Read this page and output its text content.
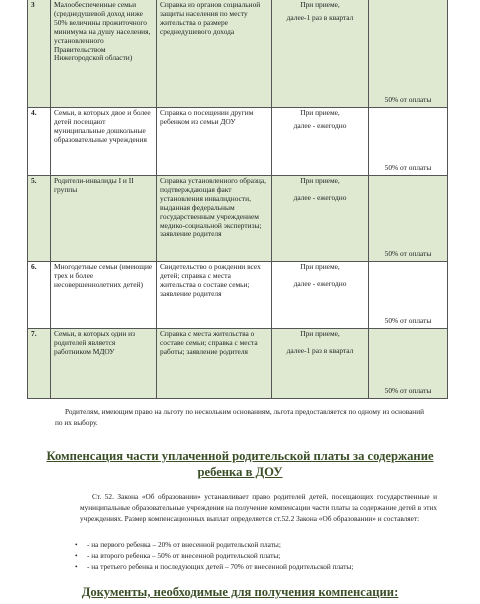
3	Малообеспеченные семьи (среднедушевой доход ниже 50% величины прожиточного минимума на душу населения, установленного Правительством Нижегородской области)	Справка из органов социальной защиты населения по месту жительства о размере среднедушевого дохода	При приеме,
далее-1 раз в квартал	50% от оплаты
4.	Семьи, в которых двое и более детей посещают муниципальные дошкольные образовательные учреждения	Справка о посещении другим ребенком из семьи ДОУ	При приеме,
далее - ежегодно	50% от оплаты
5.	Родители-инвалиды I и II группы	Справка установленного образца, подтверждающая факт установления инвалидности, выданная федеральным государственным учреждением медико-социальной экспертизы; заявление родителя	При приеме,
далее - ежегодно	50% от оплаты
6.	Многодетные семьи (имеющие трех и более несовершеннолетних детей)	Свидетельство о рождении всех детей; справка с места жительства о составе семьи; заявление родителя	При приеме,
далее - ежегодно	50% от оплаты
7.	Семьи, в которых один из родителей является работником МДОУ	Справка с места жительства о составе семьи; справка с места работы; заявление родителя	При приеме,
далее-1 раз в квартал	50% от оплаты

Родителям, имеющим право на льготу по нескольким основаниям, льгота предоставляется по одному из оснований по их выбору.

Компенсация части уплаченной родительской платы за содержание ребенка в ДОУ

Ст. 52. Закона «Об образовании» устанавливает право родителей детей, посещающих государственные и муниципальные образовательные учреждения на получение компенсации части платы за содержание детей в этих учреждениях. Размер компенсационных выплат определяется ст.52.2 Закона «Об образовании» и составляет:

• - на первого ребенка – 20% от внесенной родительской платы;
• - на второго ребенка – 50% от внесенной родительской платы;
• - на третьего ребенка и последующих детей – 70% от внесенной родительской платы;
Документы, необходимые для получения компенсации:
